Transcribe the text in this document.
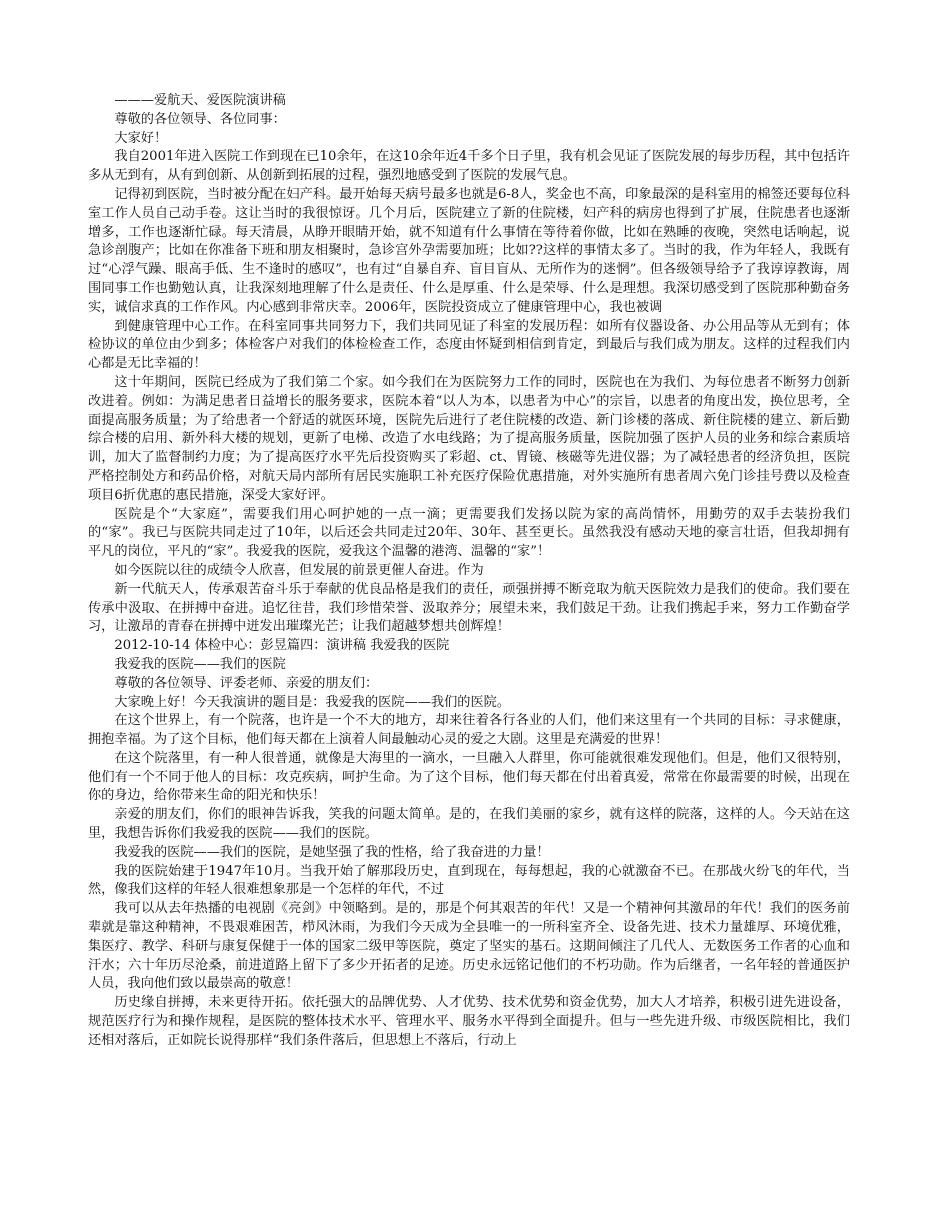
———爱航天、爱医院演讲稿

尊敬的各位领导、各位同事：

大家好！

我自2001年进入医院工作到现在已10余年，在这10余年近4千多个日子里，我有机会见证了医院发展的每步历程，其中包括许多从无到有，从有到创新、从创新到拓展的过程，强烈地感受到了医院的发展气息。

记得初到医院，当时被分配在妇产科。最开始每天病号最多也就是6-8人，奖金也不高，印象最深的是科室用的棉签还要每位科室工作人员自己动手卷。这让当时的我很惊讶。几个月后，医院建立了新的住院楼，妇产科的病房也得到了扩展，住院患者也逐渐增多，工作也逐渐忙碌。每天清晨，从睁开眼睛开始，就不知道有什么事情在等待着你做，比如在熟睡的夜晚，突然电话响起，说急诊剖腹产；比如在你准备下班和朋友相聚时，急诊宫外孕需要加班；比如??这样的事情太多了。当时的我，作为年轻人，我既有过“心浮气躁、眼高手低、生不逢时的感叹”，也有过“自暴自弃、盲目盲从、无所作为的迷惘”。但各级领导给予了我谆谆教诲，周围同事工作也勤勉认真，让我深刻地理解了什么是责任、什么是厚重、什么是荣辱、什么是理想。我深切感受到了医院那种勤奋务实，诚信求真的工作作风。内心感到非常庆幸。2006年，医院投资成立了健康管理中心，我也被调

到健康管理中心工作。在科室同事共同努力下，我们共同见证了科室的发展历程：如所有仪器设备、办公用品等从无到有；体检协议的单位由少到多；体检客户对我们的体检检查工作，态度由怀疑到相信到肯定，到最后与我们成为朋友。这样的过程我们内心都是无比幸福的！

这十年期间，医院已经成为了我们第二个家。如今我们在为医院努力工作的同时，医院也在为我们、为每位患者不断努力创新改进着。例如：为满足患者日益增长的服务要求，医院本着“以人为本，以患者为中心”的宗旨，以患者的角度出发，换位思考，全面提高服务质量；为了给患者一个舒适的就医环境，医院先后进行了老住院楼的改造、新门诊楼的落成、新住院楼的建立、新后勤综合楼的启用、新外科大楼的规划，更新了电梯、改造了水电线路；为了提高服务质量，医院加强了医护人员的业务和综合素质培训，加大了监督制约力度；为了提高医疗水平先后投资购买了彩超、ct、胃镜、核磁等先进仪器；为了减轻患者的经济负担，医院严格控制处方和药品价格，对航天局内部所有居民实施职工补充医疗保险优惠措施，对外实施所有患者周六免门诊挂号费以及检查项目6折优惠的惠民措施，深受大家好评。

医院是个“大家庭”，需要我们用心呵护她的一点一滴；更需要我们发扬以院为家的高尚情怀，用勤劳的双手去装扮我们的“家”。我已与医院共同走过了10年，以后还会共同走过20年、30年、甚至更长。虽然我没有感动天地的豪言壮语，但我却拥有平凡的岗位，平凡的“家”。我爱我的医院，爱我这个温馨的港湾、温馨的“家”！

如今医院以往的成绩令人欣喜，但发展的前景更催人奋进。作为

新一代航天人，传承艰苦奋斗乐于奉献的优良品格是我们的责任，顽强拼搏不断竞取为航天医院效力是我们的使命。我们要在传承中汲取、在拼搏中奋进。追忆往昔，我们珍惜荣誉、汲取养分；展望未来，我们鼓足干劲。让我们携起手来，努力工作勤奋学习，让激昂的青春在拼搏中迸发出璀璨光芒；让我们超越梦想共创辉煌！

2012-10-14 体检中心：彭昱篇四：演讲稿 我爱我的医院

我爱我的医院——我们的医院

尊敬的各位领导、评委老师、亲爱的朋友们：

大家晚上好！今天我演讲的题目是：我爱我的医院——我们的医院。

在这个世界上，有一个院落，也许是一个不大的地方，却来往着各行各业的人们，他们来这里有一个共同的目标：寻求健康，拥抱幸福。为了这个目标，他们每天都在上演着人间最触动心灵的爱之大剧。这里是充满爱的世界！

在这个院落里，有一种人很普通，就像是大海里的一滴水，一旦融入人群里，你可能就很难发现他们。但是，他们又很特别，他们有一个不同于他人的目标：攻克疾病，呵护生命。为了这个目标，他们每天都在付出着真爱，常常在你最需要的时候，出现在你的身边，给你带来生命的阳光和快乐！

亲爱的朋友们，你们的眼神告诉我，笑我的问题太简单。是的，在我们美丽的家乡，就有这样的院落，这样的人。今天站在这里，我想告诉你们我爱我的医院——我们的医院。

我爱我的医院——我们的医院，是她坚强了我的性格，给了我奋进的力量！

我的医院始建于1947年10月。当我开始了解那段历史，直到现在，每每想起，我的心就激奋不已。在那战火纷飞的年代，当然，像我们这样的年轻人很难想象那是一个怎样的年代，不过

我可以从去年热播的电视剧《亮剑》中领略到。是的，那是个何其艰苦的年代！又是一个精神何其激昂的年代！我们的医务前辈就是靠这种精神，不畏艰难困苦，栉风沐雨，为我们今天成为全县唯一的一所科室齐全、设备先进、技术力量雄厚、环境优雅，集医疗、教学、科研与康复保健于一体的国家二级甲等医院，奠定了坚实的基石。这期间倾注了几代人、无数医务工作者的心血和汗水；六十年历尽沧桑，前进道路上留下了多少开拓者的足迹。历史永远铭记他们的不朽功勋。作为后继者，一名年轻的普通医护人员，我向他们致以最崇高的敬意！

历史缘自拼搏，未来更待开拓。依托强大的品牌优势、人才优势、技术优势和资金优势，加大人才培养，积极引进先进设备，规范医疗行为和操作规程，是医院的整体技术水平、管理水平、服务水平得到全面提升。但与一些先进升级、市级医院相比，我们还相对落后，正如院长说得那样“我们条件落后，但思想上不落后，行动上
